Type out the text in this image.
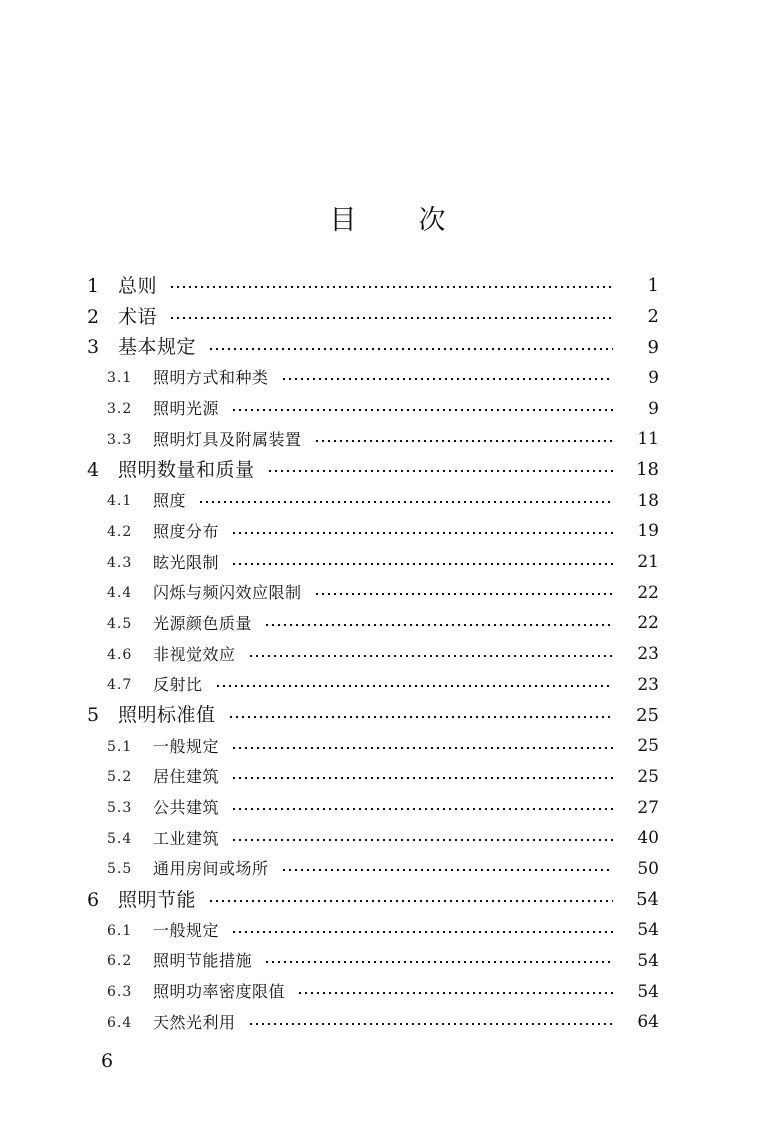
目 次
1 总则	1
2 术语	2
3 基本规定	9
3.1	照明方式和种类	9
3.2	照明光源	9
3.3	照明灯具及附属装置	11
4 照明数量和质量	18
4.1	照度	18
4.2	照度分布	19
4.3	眩光限制	21
4.4	闪烁与频闪效应限制	22
4.5	光源颜色质量	22
4.6	非视觉效应	23
4.7	反射比	23
5 照明标准值	25
5.1	一般规定	25
5.2	居住建筑	25
5.3	公共建筑	27
5.4	工业建筑	40
5.5	通用房间或场所	50
6 照明节能	54
6.1	一般规定	54
6.2	照明节能措施	54
6.3	照明功率密度限值	54
6.4	天然光利用	64
6
